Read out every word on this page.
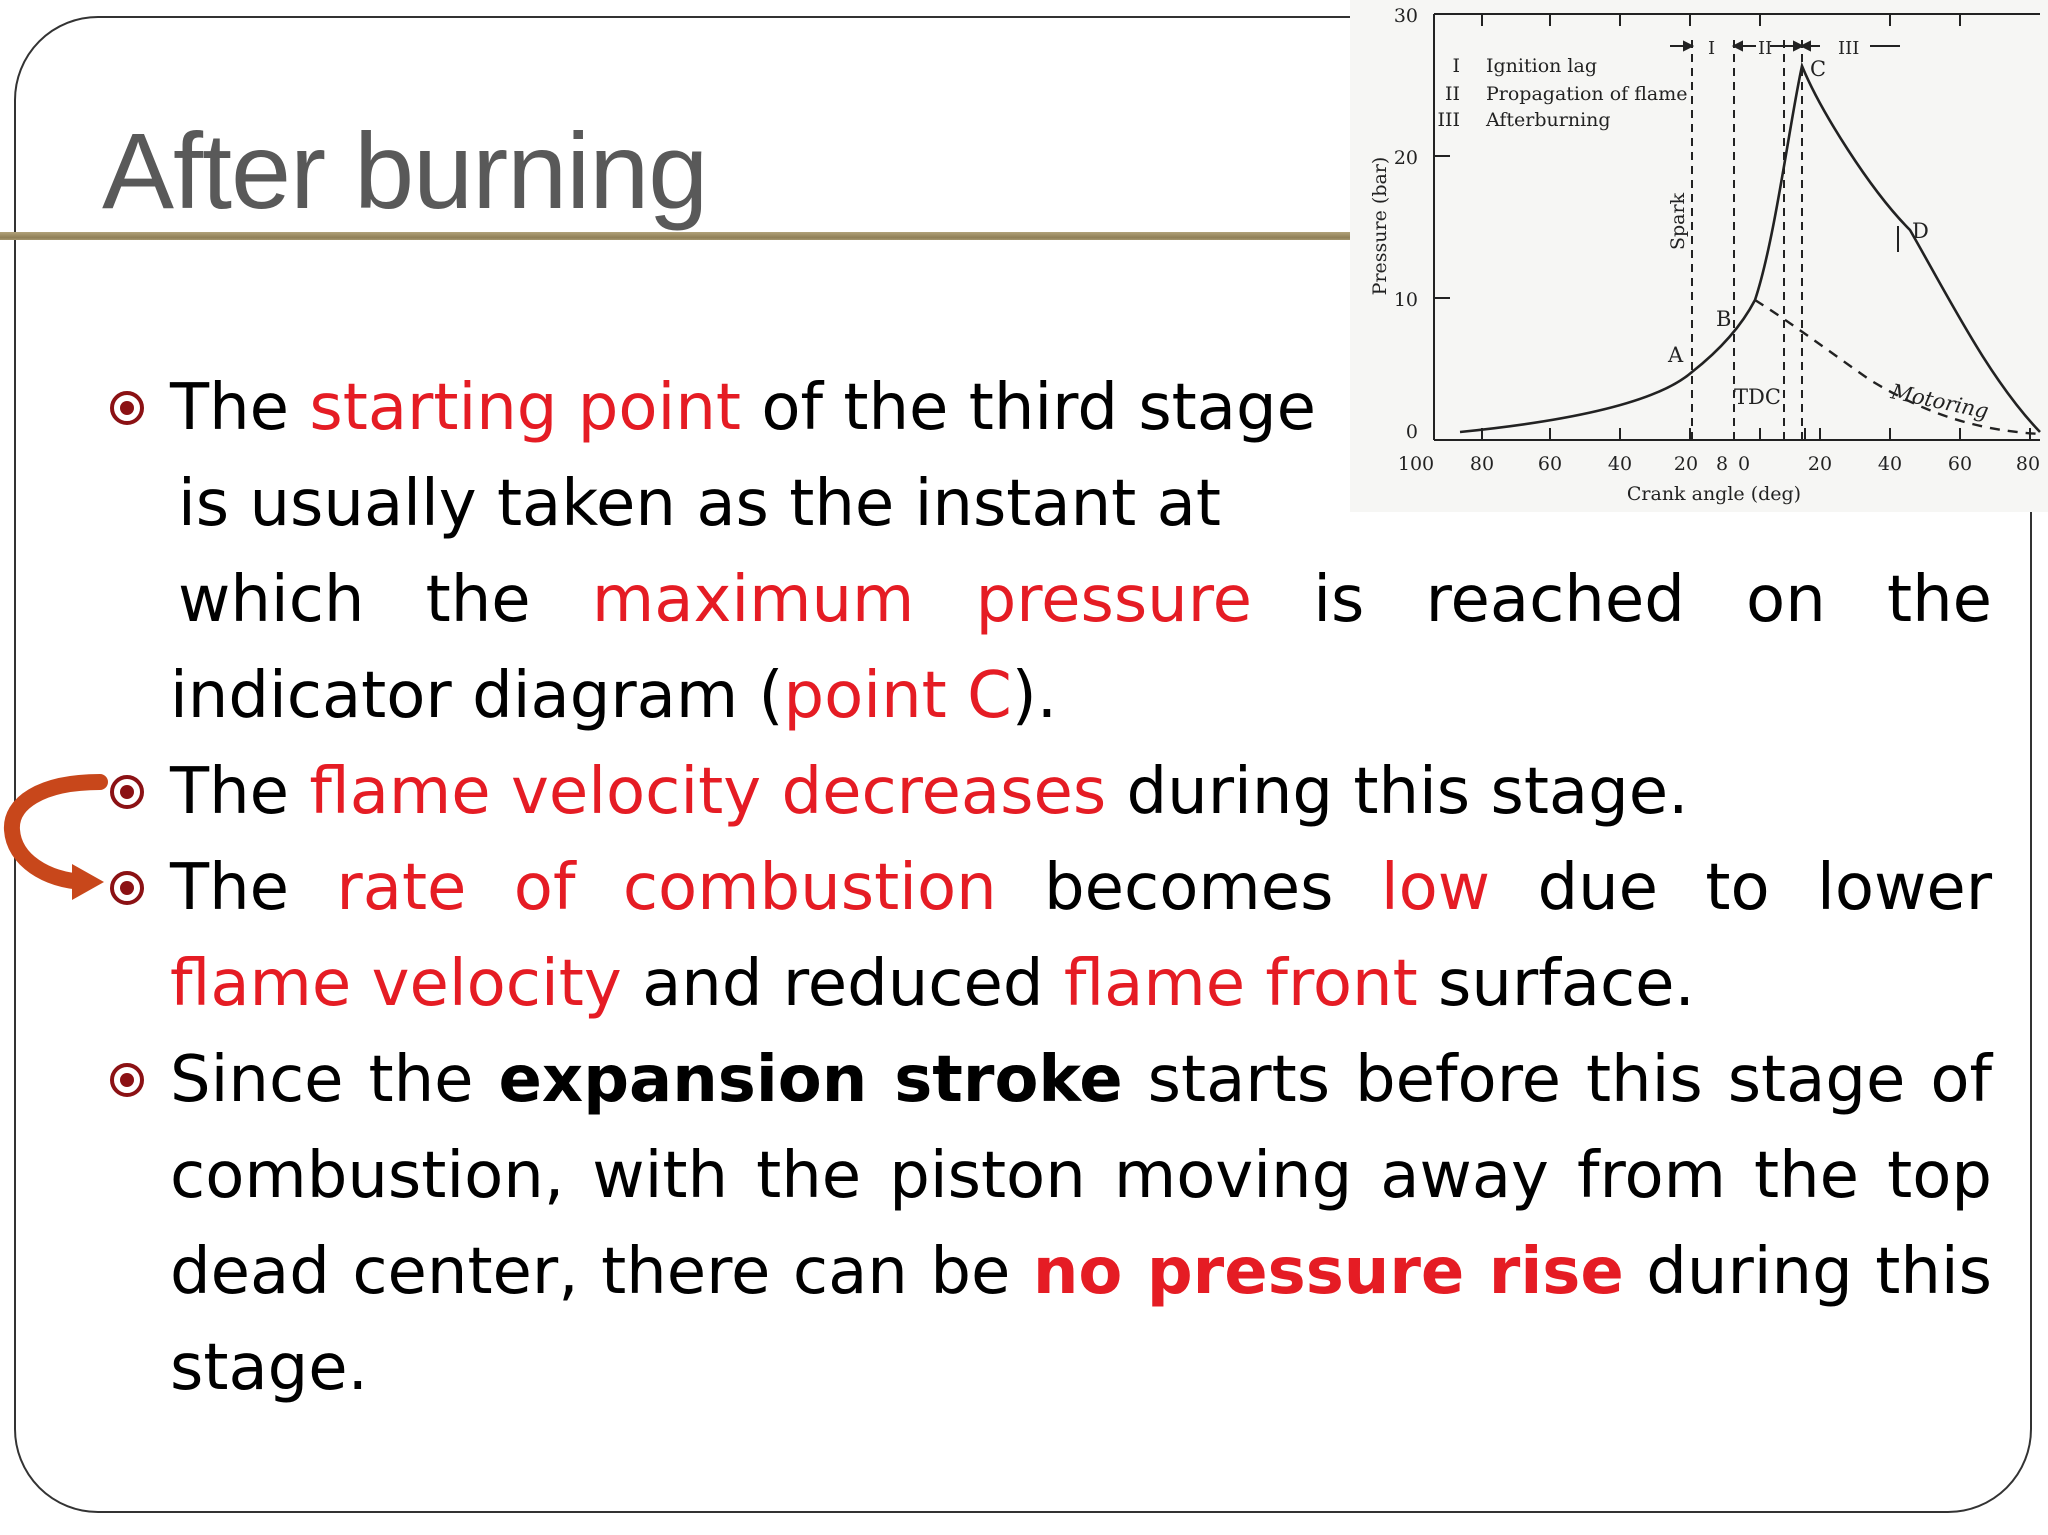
After burning
I II	III
I Ignition lag
II Propagation of flame
III Afterburning
A
B
C
D
TDC	Motoring
Spark
30
20
10
0
Pressure (bar)
100 80 60 40 20 8 0	20 40 60 80
Crank angle (deg)
The starting point of the third stage
is usually taken as the instant at
which the maximum pressure is reached on the
indicator diagram (point C).
The flame velocity decreases during this stage.
The rate of combustion becomes low due to lower
flame velocity and reduced flame front surface.
Since the expansion stroke starts before this stage of
combustion, with the piston moving away from the top
dead center, there can be no pressure rise during this
stage.
